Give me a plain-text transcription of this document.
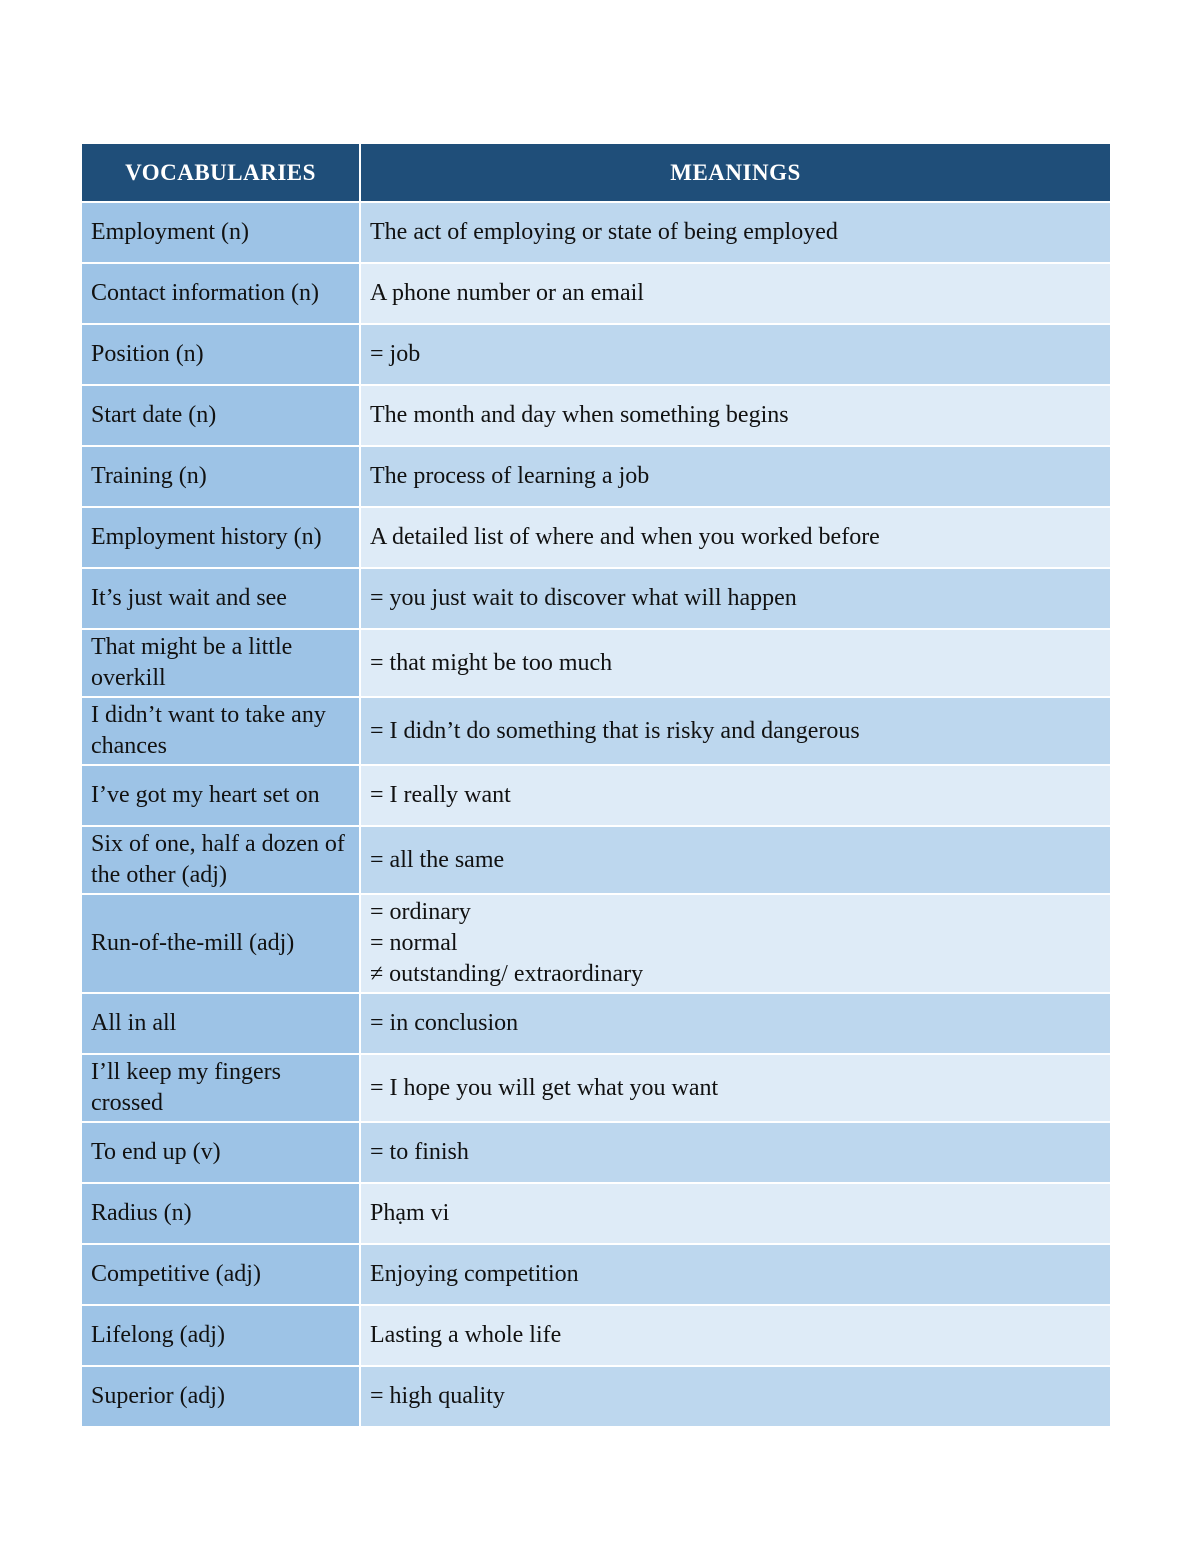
VOCABULARIES	MEANINGS
Employment (n)	The act of employing or state of being employed

Contact information (n)	A phone number or an email

Position (n)	= job

Start date (n)	The month and day when something begins

Training (n)	The process of learning a job

Employment history (n)	A detailed list of where and when you worked before

It’s just wait and see	= you just wait to discover what will happen

That might be a little overkill	= that might be too much

I didn’t want to take any chances	= I didn’t do something that is risky and dangerous

I’ve got my heart set on	= I really want

Six of one, half a dozen of the other (adj)	= all the same

Run-of-the-mill (adj)	= ordinary
= normal
≠ outstanding/ extraordinary

All in all	= in conclusion

I’ll keep my fingers crossed	= I hope you will get what you want

To end up (v)	= to finish

Radius (n)	Phạm vi

Competitive (adj)	Enjoying competition

Lifelong (adj)	Lasting a whole life

Superior (adj)	= high quality
